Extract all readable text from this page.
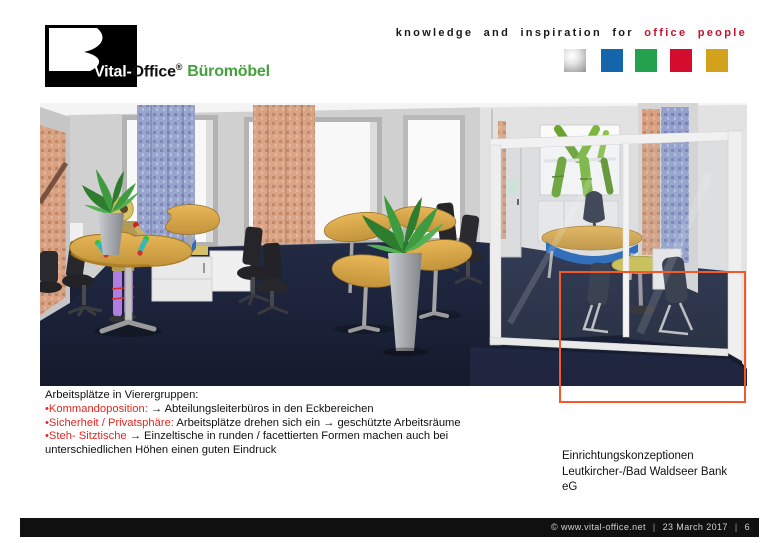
Vital-Office® Büromöbel
knowledge and inspiration for office people
Arbeitsplätze in Vierergruppen:
•Kommandoposition: → Abteilungsleiterbüros in den Eckbereichen
•Sicherheit / Privatsphäre: Arbeitsplätze drehen sich ein → geschützte Arbeitsräume
•Steh- Sitztische → Einzeltische in runden / facettierten Formen machen auch bei unterschiedlichen Höhen einen guten Eindruck	Einrichtungskonzeptionen
Leutkircher-/Bad Waldseer Bank
eG
© www.vital-office.net | 23 March 2017 | 6
